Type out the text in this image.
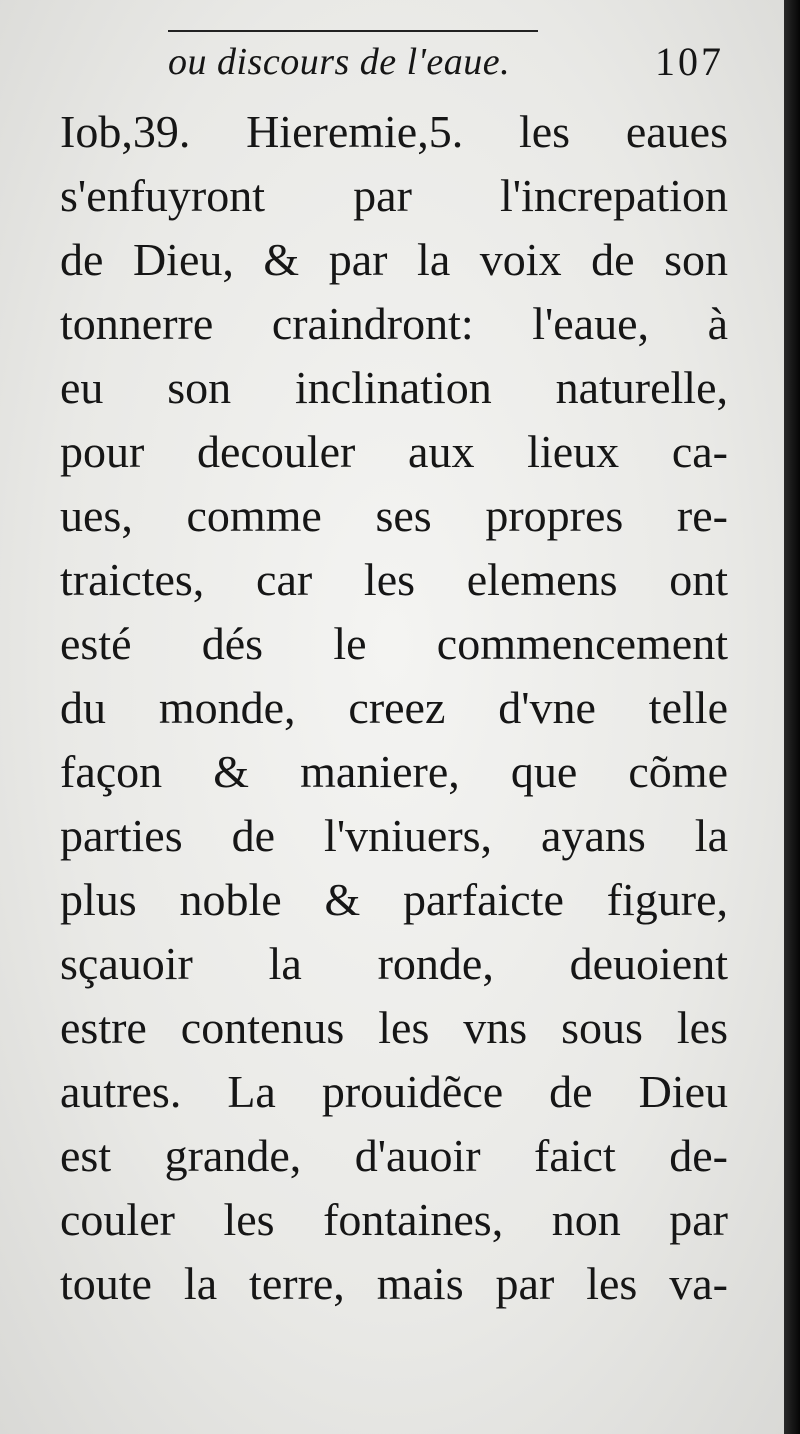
ou discours de l'eaue.	107
Iob,39. Hieremie,5. les eaues
s'enfuyront par l'increpation
de Dieu, & par la voix de son
tonnerre craindront: l'eaue, à
eu son inclination naturelle,
pour decouler aux lieux ca-
ues, comme ses propres re-
traictes, car les elemens ont
esté dés le commencement
du monde, creez d'vne telle
façon & maniere, que cõme
parties de l'vniuers, ayans la
plus noble & parfaicte figure,
sçauoir la ronde, deuoient
estre contenus les vns sous les
autres. La prouidẽce de Dieu
est grande, d'auoir faict de-
couler les fontaines, non par
toute la terre, mais par les va-
